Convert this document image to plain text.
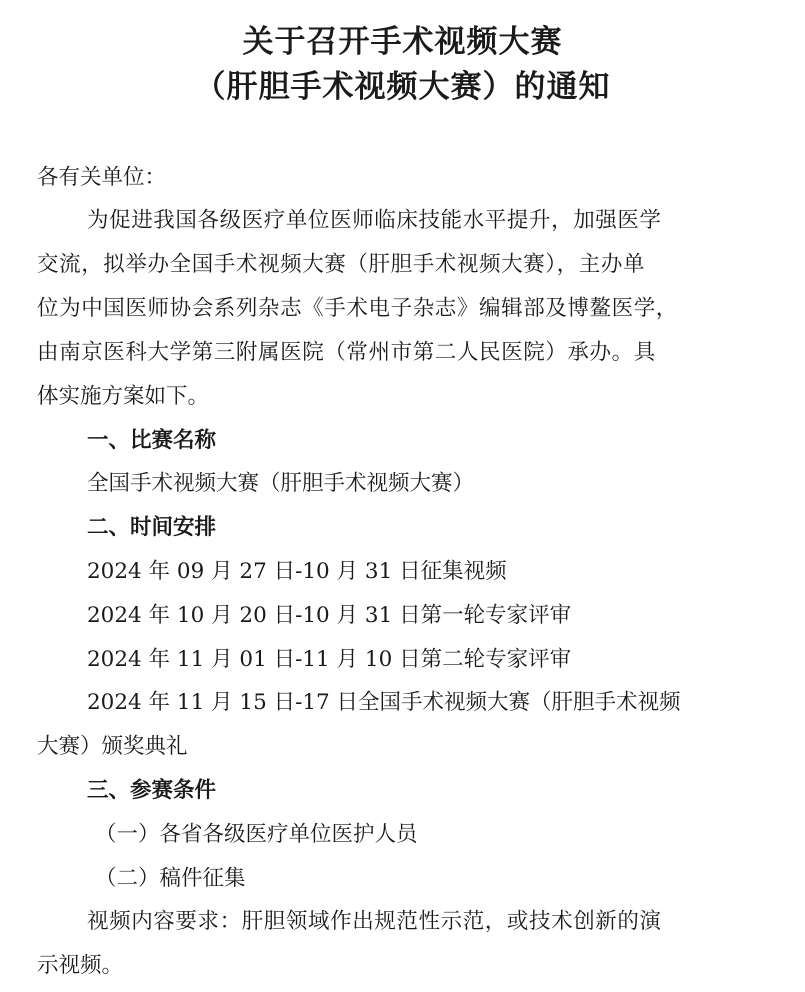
关于召开手术视频大赛
（肝胆手术视频大赛）的通知

各有关单位：

为促进我国各级医疗单位医师临床技能水平提升，加强医学

交流，拟举办全国手术视频大赛（肝胆手术视频大赛），主办单

位为中国医师协会系列杂志《手术电子杂志》编辑部及博鳌医学，

由南京医科大学第三附属医院（常州市第二人民医院）承办。具

体实施方案如下。

一、比赛名称

全国手术视频大赛（肝胆手术视频大赛）

二、时间安排

2024 年 09 月 27 日-10 月 31 日征集视频

2024 年 10 月 20 日-10 月 31 日第一轮专家评审

2024 年 11 月 01 日-11 月 10 日第二轮专家评审

2024 年 11 月 15 日-17 日全国手术视频大赛（肝胆手术视频

大赛）颁奖典礼

三、参赛条件

（一）各省各级医疗单位医护人员

（二）稿件征集

视频内容要求：肝胆领域作出规范性示范，或技术创新的演

示视频。
